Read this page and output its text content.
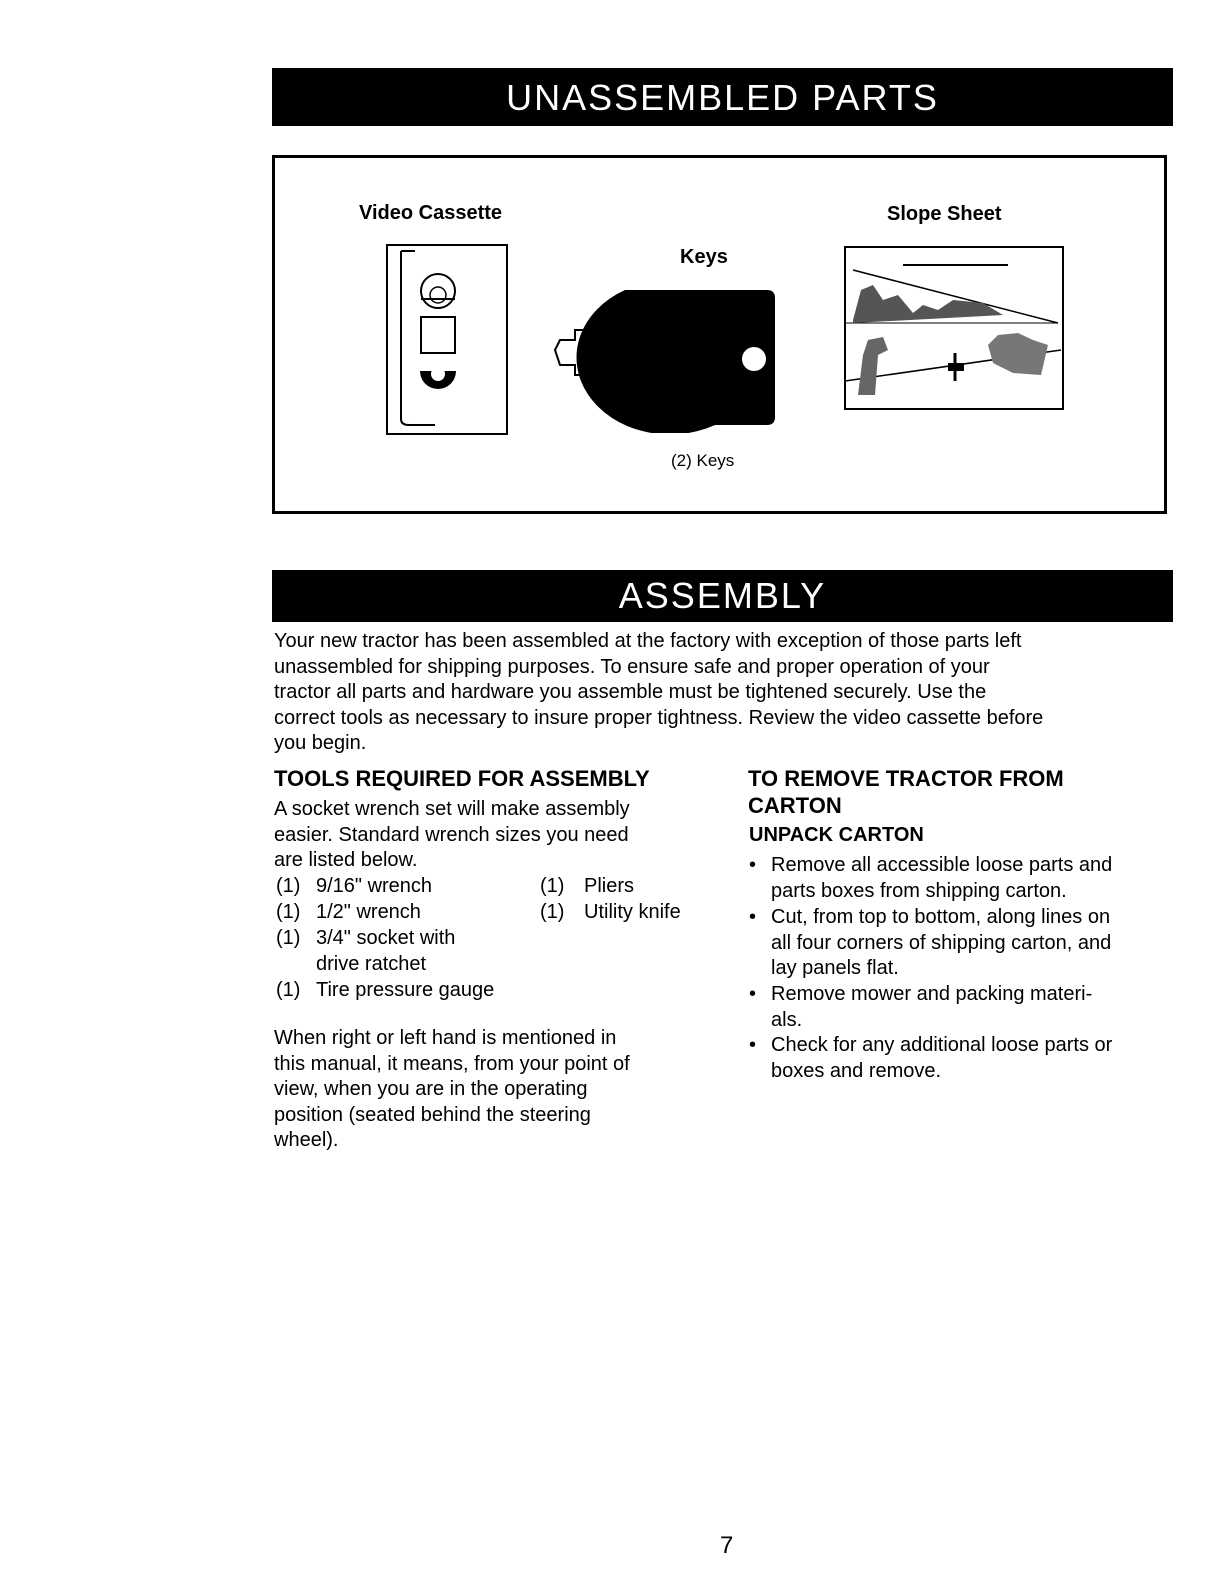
UNASSEMBLED PARTS
Video Cassette
Keys
Slope Sheet
(2) Keys
ASSEMBLY
Your new tractor has been assembled at the factory with exception of those parts left
unassembled for shipping purposes. To ensure safe and proper operation of your
tractor all parts and hardware you assemble must be tightened securely. Use the
correct tools as necessary to insure proper tightness. Review the video cassette before
you begin.
TOOLS REQUIRED FOR ASSEMBLY
A socket wrench set will make assembly
easier. Standard wrench sizes you need
are listed below.
(1) 9/16" wrench
(1) 1/2" wrench
(1) 3/4" socket with
drive ratchet
(1) Tire pressure gauge
(1) Pliers
(1) Utility knife
When right or left hand is mentioned in
this manual, it means, from your point of
view, when you are in the operating
position (seated behind the steering
wheel).
TO REMOVE TRACTOR FROM
CARTON
UNPACK CARTON
• Remove all accessible loose parts and
parts boxes from shipping carton.
• Cut, from top to bottom, along lines on
all four corners of shipping carton, and
lay panels flat.
• Remove mower and packing materi-
als.
• Check for any additional loose parts or
boxes and remove.
7
